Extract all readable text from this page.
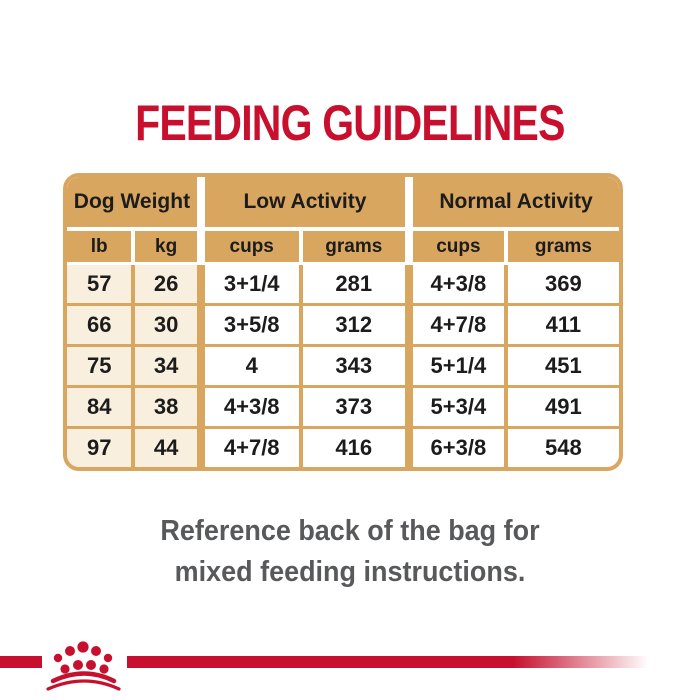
FEEDING GUIDELINES
Dog Weight	Low Activity	Normal Activity
lb	kg	cups	grams	cups	grams
57	26	3+1/4	281	4+3/8	369
66	30	3+5/8	312	4+7/8	411
75	34	4	343	5+1/4	451
84	38	4+3/8	373	5+3/4	491
97	44	4+7/8	416	6+3/8	548
Reference back of the bag for
mixed feeding instructions.
